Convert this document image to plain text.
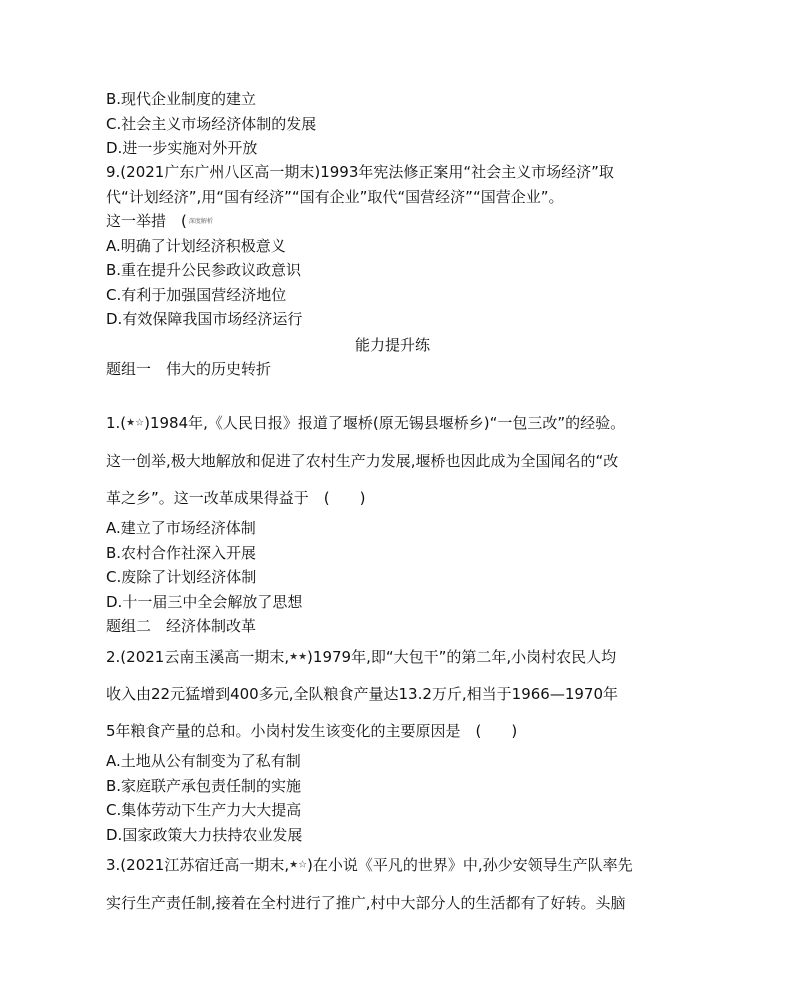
B.现代企业制度的建立
C.社会主义市场经济体制的发展
D.进一步实施对外开放
9.(2021广东广州八区高一期末)1993年宪法修正案用“社会主义市场经济”取
代“计划经济”,用“国有经济”“国有企业”取代“国营经济”“国营企业”。
这一举措　( 深度解析
A.明确了计划经济积极意义
B.重在提升公民参政议政意识
C.有利于加强国营经济地位
D.有效保障我国市场经济运行
能力提升练
题组一　伟大的历史转折
1.(★☆)1984年,《人民日报》报道了堰桥(原无锡县堰桥乡)“一包三改”的经验。
这一创举,极大地解放和促进了农村生产力发展,堰桥也因此成为全国闻名的“改
革之乡”。这一改革成果得益于　(　　)
A.建立了市场经济体制
B.农村合作社深入开展
C.废除了计划经济体制
D.十一届三中全会解放了思想
题组二　经济体制改革
2.(2021云南玉溪高一期末,★★)1979年,即“大包干”的第二年,小岗村农民人均
收入由22元猛增到400多元,全队粮食产量达13.2万斤,相当于1966—1970年
5年粮食产量的总和。小岗村发生该变化的主要原因是　(　　)
A.土地从公有制变为了私有制
B.家庭联产承包责任制的实施
C.集体劳动下生产力大大提高
D.国家政策大力扶持农业发展
3.(2021江苏宿迁高一期末,★☆)在小说《平凡的世界》中,孙少安领导生产队率先
实行生产责任制,接着在全村进行了推广,村中大部分人的生活都有了好转。头脑
